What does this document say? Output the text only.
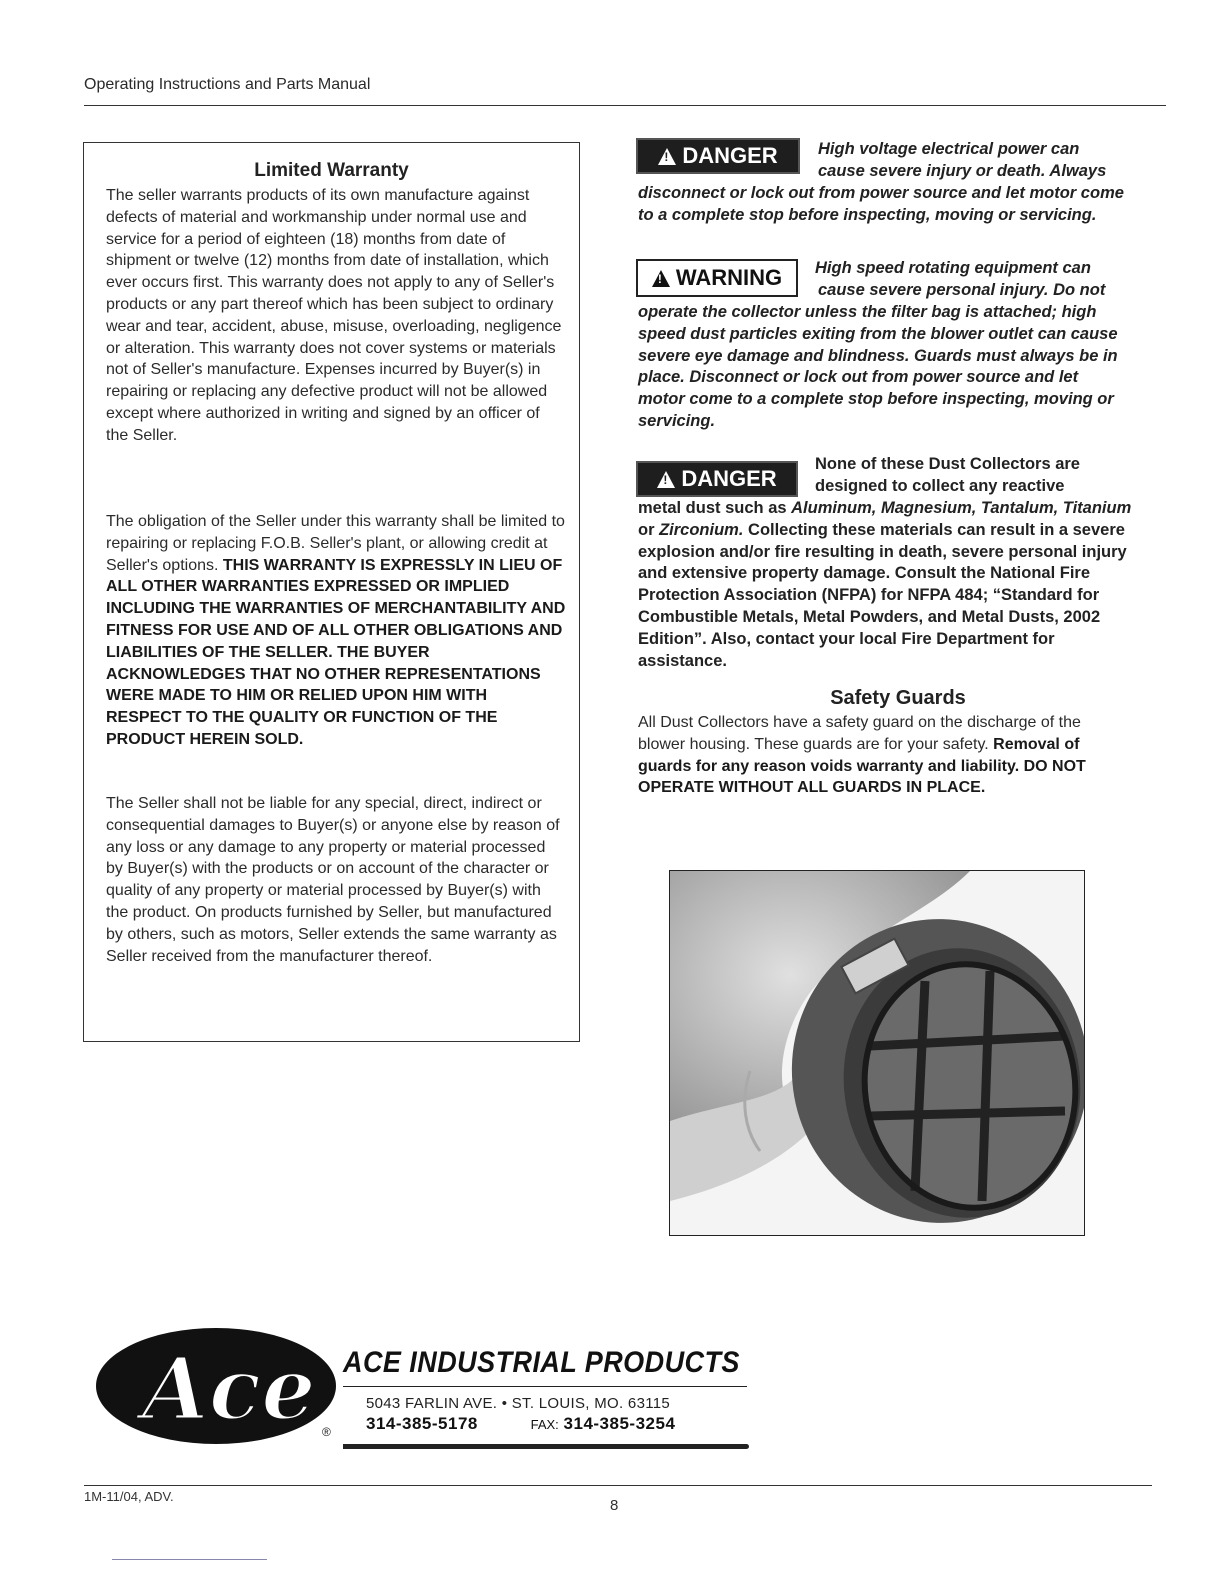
Operating Instructions and Parts Manual
Limited Warranty
The seller warrants products of its own manufacture against defects of material and workmanship under normal use and service for a period of eighteen (18) months from date of shipment or twelve (12) months from date of installation, which ever occurs first. This warranty does not apply to any of Seller's products or any part thereof which has been subject to ordinary wear and tear, accident, abuse, misuse, overloading, negligence or alteration. This warranty does not cover systems or materials not of Seller's manufacture. Expenses incurred by Buyer(s) in repairing or replacing any defective product will not be allowed except where authorized in writing and signed by an officer of the Seller.
The obligation of the Seller under this warranty shall be limited to repairing or replacing F.O.B. Seller's plant, or allowing credit at Seller's options. THIS WARRANTY IS EXPRESSLY IN LIEU OF ALL OTHER WARRANTIES EXPRESSED OR IMPLIED INCLUDING THE WARRANTIES OF MERCHANTABILITY AND FITNESS FOR USE AND OF ALL OTHER OBLIGATIONS AND LIABILITIES OF THE SELLER. THE BUYER ACKNOWLEDGES THAT NO OTHER REPRESENTATIONS WERE MADE TO HIM OR RELIED UPON HIM WITH RESPECT TO THE QUALITY OR FUNCTION OF THE PRODUCT HEREIN SOLD.
The Seller shall not be liable for any special, direct, indirect or consequential damages to Buyer(s) or anyone else by reason of any loss or any damage to any property or material processed by Buyer(s) with the products or on account of the character or quality of any property or material processed by Buyer(s) with the product. On products furnished by Seller, but manufactured by others, such as motors, Seller extends the same warranty as Seller received from the manufacturer thereof.
!
DANGER High voltage electrical power can
cause severe injury or death. Always
disconnect or lock out from power source and let motor come to a complete stop before inspecting, moving or servicing.
!
WARNING High speed rotating equipment can
cause severe personal injury. Do not
operate the collector unless the filter bag is attached; high speed dust particles exiting from the blower outlet can cause severe eye damage and blindness. Guards must always be in place. Disconnect or lock out from power source and let motor come to a complete stop before inspecting, moving or servicing.
!
DANGER
None of these Dust Collectors are
designed to collect any reactive
metal dust such as Aluminum, Magnesium, Tantalum, Titanium or Zirconium. Collecting these materials can result in a severe explosion and/or fire resulting in death, severe personal injury and extensive property damage. Consult the National Fire Protection Association (NFPA) for NFPA 484; “Standard for Combustible Metals, Metal Powders, and Metal Dusts, 2002 Edition”. Also, contact your local Fire Department for assistance.
Safety Guards
All Dust Collectors have a safety guard on the discharge of the blower housing. These guards are for your safety. Removal of guards for any reason voids warranty and liability. DO NOT OPERATE WITHOUT ALL GUARDS IN PLACE.
Ace ®
ACE INDUSTRIAL PRODUCTS
5043 FARLIN AVE. • ST. LOUIS, MO. 63115
314-385-5178	FAX: 314-385-3254
1M-11/04, ADV.
8
